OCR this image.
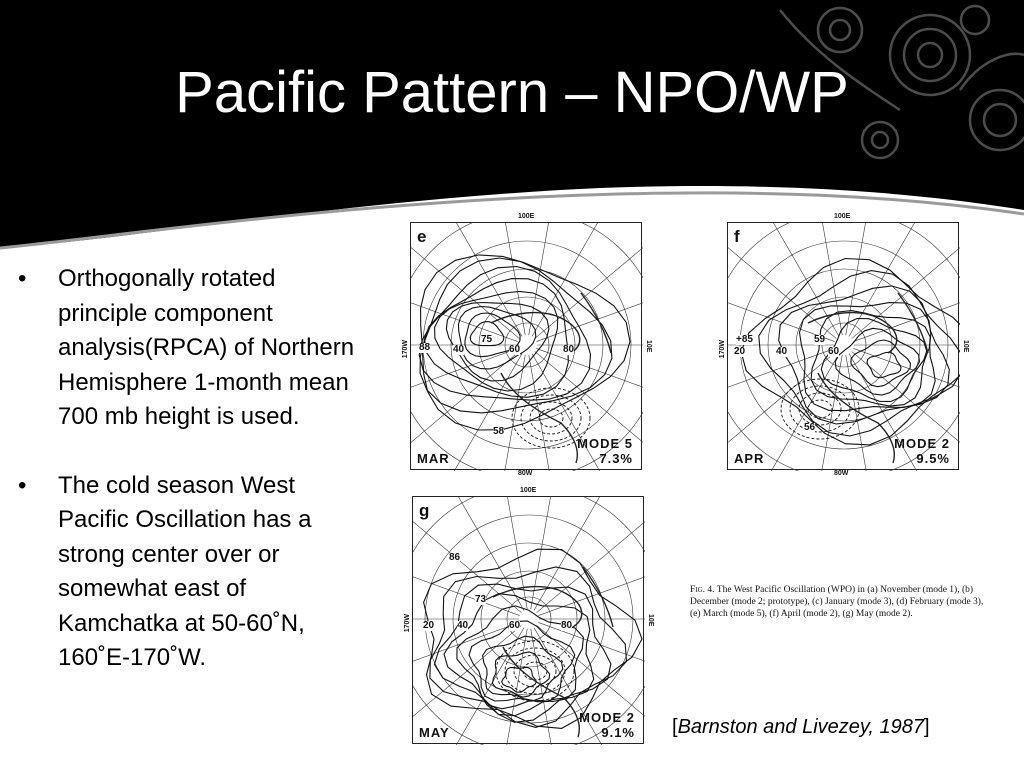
Pacific Pattern – NPO/WP
• Orthogonally rotated principle component analysis(RPCA) of Northern Hemisphere 1-month mean 700 mb height is used.
• The cold season West Pacific Oscillation has a strong center over or somewhat east of Kamchatka at 50-60˚N, 160˚E-170˚W.
e
MAR
MODE 5
7.3%
88
75
58
40	60	80
100E
80W
170W	10E
f
APR
MODE 2
9.5%
+85	59
56
20	40	60
100E
80W
170W	10E
g
MAY
MODE 2
9.1%
86
73
20 40	60	80
100E
170W	10E
Fig. 4. The West Pacific Oscillation (WPO) in (a) November (mode 1), (b) December (mode 2; prototype), (c) January (mode 3), (d) February (mode 3), (e) March (mode 5), (f) April (mode 2), (g) May (mode 2).
[Barnston and Livezey, 1987]
